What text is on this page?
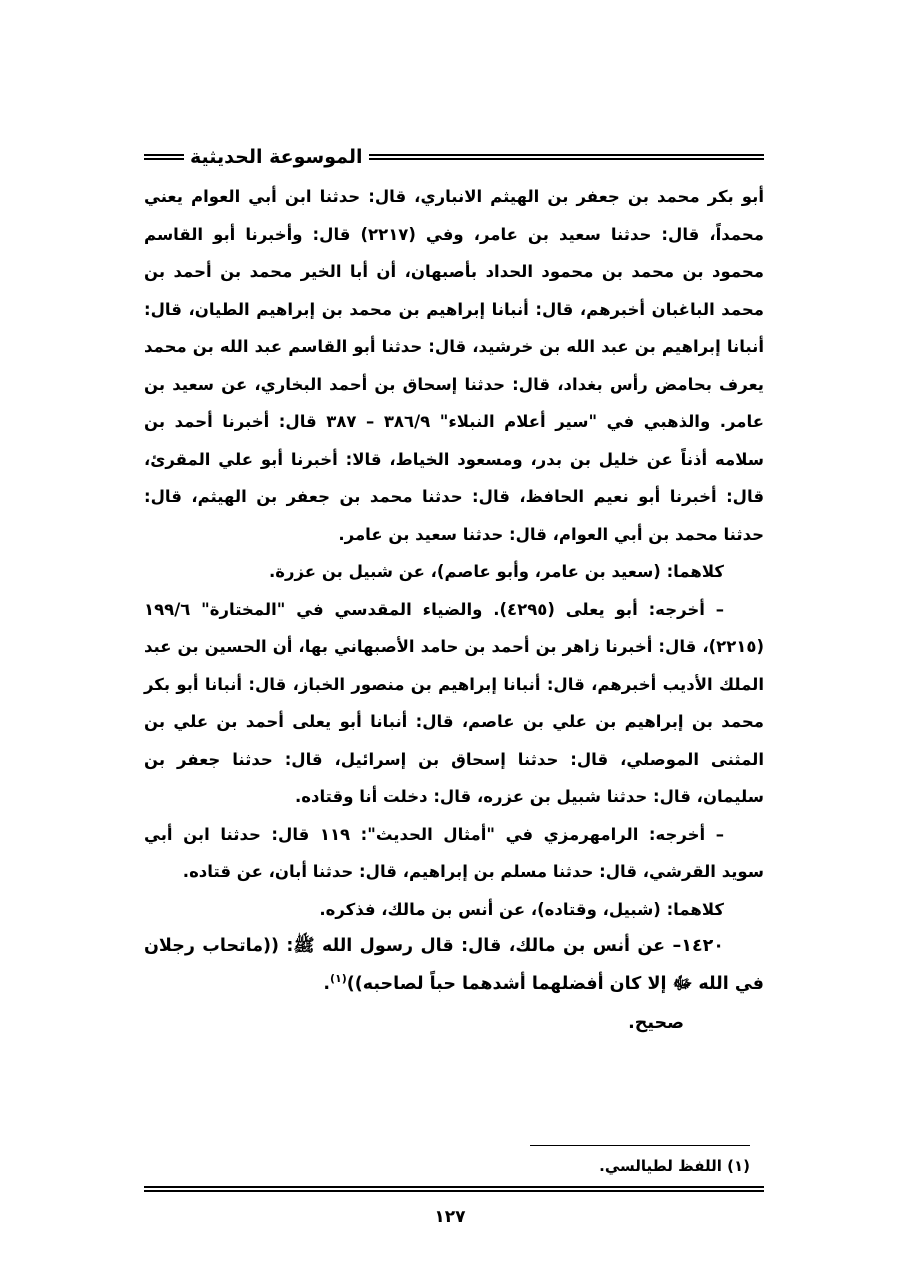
الموسوعة الحديثية

أبو بكر محمد بن جعفر بن الهيثم الانباري، قال: حدثنا ابن أبي العوام يعني محمداً، قال: حدثنا سعيد بن عامر، وفي (٢٢١٧) قال: وأخبرنا أبو القاسم محمود بن محمد بن محمود الحداد بأصبهان، أن أبا الخير محمد بن أحمد بن محمد الباغبان أخبرهم، قال: أنبانا إبراهيم بن محمد بن إبراهيم الطيان، قال: أنبانا إبراهيم بن عبد الله بن خرشيد، قال: حدثنا أبو القاسم عبد الله بن محمد يعرف بحامض رأس بغداد، قال: حدثنا إسحاق بن أحمد البخاري، عن سعيد بن عامر. والذهبي في "سير أعلام النبلاء" ٣٨٦/٩ – ٣٨٧ قال: أخبرنا أحمد بن سلامه أذناً عن خليل بن بدر، ومسعود الخياط، قالا: أخبرنا أبو علي المقرئ، قال: أخبرنا أبو نعيم الحافظ، قال: حدثنا محمد بن جعفر بن الهيثم، قال: حدثنا محمد بن أبي العوام، قال: حدثنا سعيد بن عامر.

كلاهما: (سعيد بن عامر، وأبو عاصم)، عن شبيل بن عزرة.

– أخرجه: أبو يعلى (٤٢٩٥). والضياء المقدسي في "المختارة" ١٩٩/٦ (٢٢١٥)، قال: أخبرنا زاهر بن أحمد بن حامد الأصبهاني بها، أن الحسين بن عبد الملك الأديب أخبرهم، قال: أنبانا إبراهيم بن منصور الخباز، قال: أنبانا أبو بكر محمد بن إبراهيم بن علي بن عاصم، قال: أنبانا أبو يعلى أحمد بن علي بن المثنى الموصلي، قال: حدثنا إسحاق بن إسرائيل، قال: حدثنا جعفر بن سليمان، قال: حدثنا شبيل بن عزره، قال: دخلت أنا وقتاده.

– أخرجه: الرامهرمزي في "أمثال الحديث": ١١٩ قال: حدثنا ابن أبي سويد القرشي، قال: حدثنا مسلم بن إبراهيم، قال: حدثنا أبان، عن قتاده.

كلاهما: (شبيل، وقتاده)، عن أنس بن مالك، فذكره.

١٤٢٠– عن أنس بن مالك، قال: قال رسول الله ﷺ: ((ماتحاب رجلان في الله ﷻ إلا كان أفضلهما أشدهما حباً لصاحبه))$^{(١)}$.

صحيح.

(١) اللفظ لطيالسي.
١٢٧
